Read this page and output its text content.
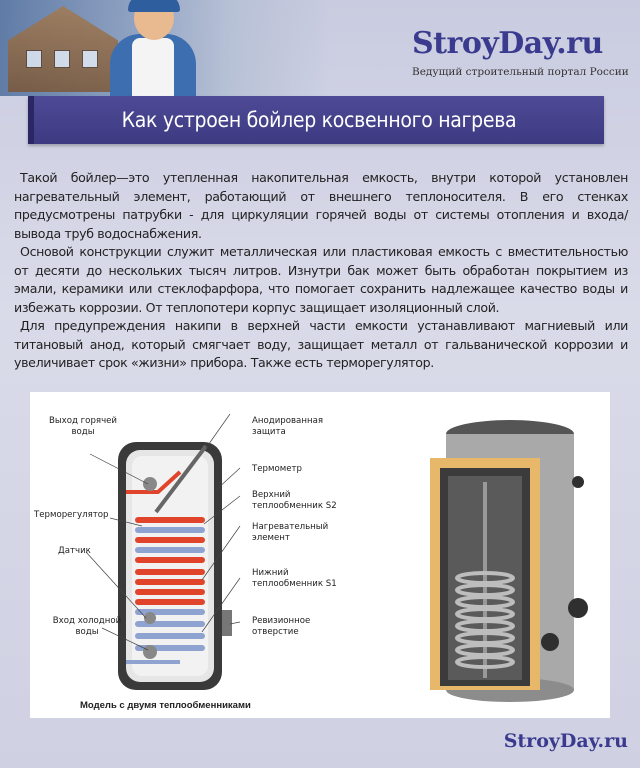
StroyDay.ru
Ведущий строительный портал России
Как устроен бойлер косвенного нагрева

Такой бойлер—это утепленная накопительная емкость, внутри которой установлен нагревательный элемент, работающий от внешнего теплоносителя. В его стенках предусмотрены патрубки - для циркуляции горячей воды от системы отопления и входа/вывода труб водоснабжения.

Основой конструкции служит металлическая или пластиковая емкость с вместительностью от десяти до нескольких тысяч литров. Изнутри бак может быть обработан покрытием из эмали, керамики или стеклофарфора, что помогает сохранить надлежащее качество воды и избежать коррозии. От теплопотери корпус защищает изоляционный слой.

Для предупреждения накипи в верхней части емкости устанавливают магниевый или титановый анод, который смягчает воду, защищает металл от гальванической коррозии и увеличивает срок «жизни» прибора. Также есть терморегулятор.

Выход горячей воды
Терморегулятор
Датчик
Вход холодной воды
Анодированная защита
Термометр
Верхний теплообменник S2
Нагревательный элемент
Нижний теплообменник S1
Ревизионное отверстие
Модель с двумя теплообменниками
StroyDay.ru
